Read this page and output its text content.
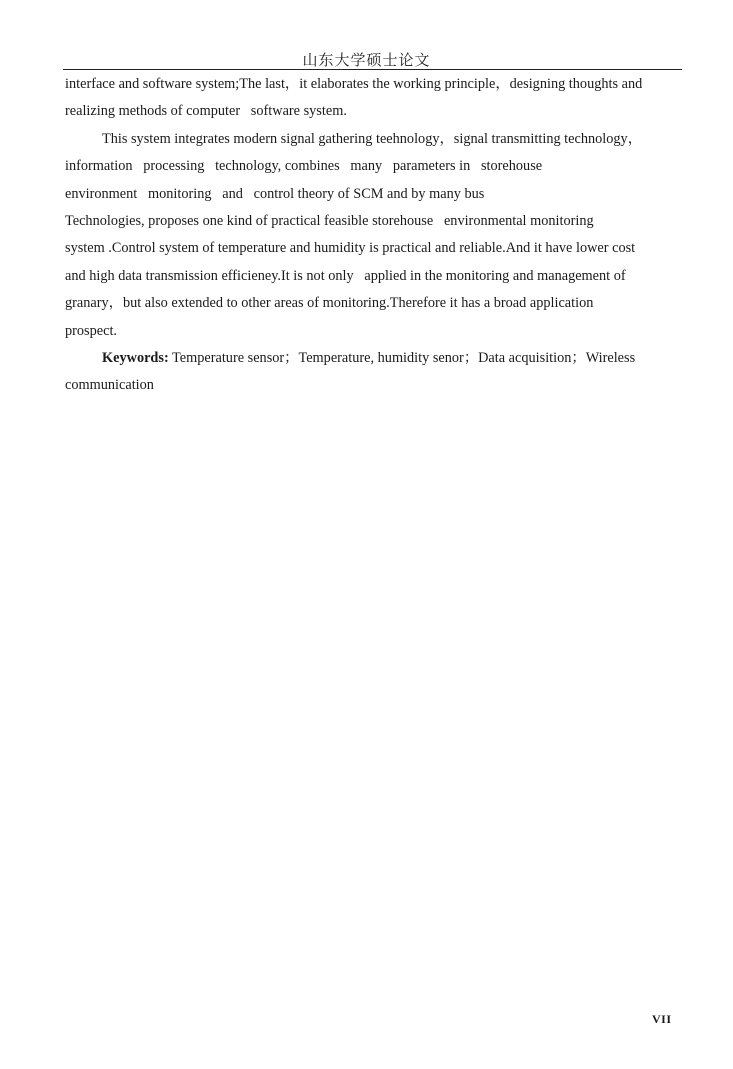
山东大学硕士论文
interface and software system;The last，it elaborates the working principle，designing thoughts and
realizing methods of computer   software system.
This system integrates modern signal gathering teehnology，signal transmitting technology，
information   processing   technology, combines   many   parameters in   storehouse
environment   monitoring   and   control theory of SCM and by many bus
Technologies, proposes one kind of practical feasible storehouse   environmental monitoring
system .Control system of temperature and humidity is practical and reliable.And it have lower cost
and high data transmission efficieney.It is not only   applied in the monitoring and management of
granary，but also extended to other areas of monitoring.Therefore it has a broad application
prospect.
Keywords: Temperature sensor；Temperature, humidity senor；Data acquisition；Wireless
communication
VII
